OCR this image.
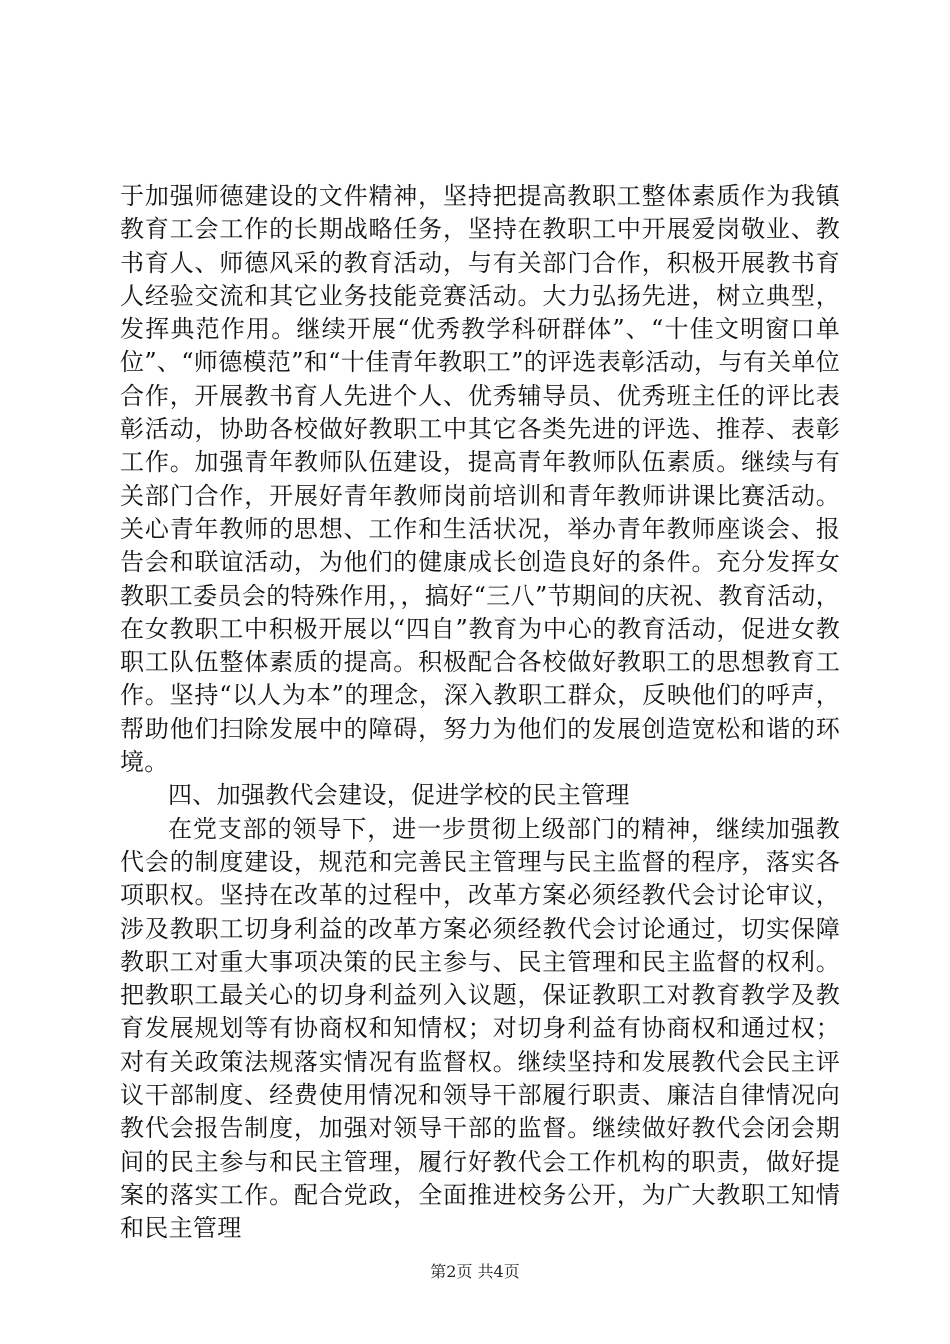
于加强师德建设的文件精神，坚持把提高教职工整体素质作为我镇教育工会工作的长期战略任务，坚持在教职工中开展爱岗敬业、教书育人、师德风采的教育活动，与有关部门合作，积极开展教书育人经验交流和其它业务技能竞赛活动。大力弘扬先进，树立典型，发挥典范作用。继续开展“优秀教学科研群体”、“十佳文明窗口单位”、“师德模范”和“十佳青年教职工”的评选表彰活动，与有关单位合作，开展教书育人先进个人、优秀辅导员、优秀班主任的评比表彰活动，协助各校做好教职工中其它各类先进的评选、推荐、表彰工作。加强青年教师队伍建设，提高青年教师队伍素质。继续与有关部门合作，开展好青年教师岗前培训和青年教师讲课比赛活动。关心青年教师的思想、工作和生活状况，举办青年教师座谈会、报告会和联谊活动，为他们的健康成长创造良好的条件。充分发挥女教职工委员会的特殊作用，，搞好“三八”节期间的庆祝、教育活动，在女教职工中积极开展以“四自”教育为中心的教育活动，促进女教职工队伍整体素质的提高。积极配合各校做好教职工的思想教育工作。坚持“以人为本”的理念，深入教职工群众，反映他们的呼声，帮助他们扫除发展中的障碍，努力为他们的发展创造宽松和谐的环境。

四、加强教代会建设，促进学校的民主管理

在党支部的领导下，进一步贯彻上级部门的精神，继续加强教代会的制度建设，规范和完善民主管理与民主监督的程序，落实各项职权。坚持在改革的过程中，改革方案必须经教代会讨论审议，涉及教职工切身利益的改革方案必须经教代会讨论通过，切实保障教职工对重大事项决策的民主参与、民主管理和民主监督的权利。把教职工最关心的切身利益列入议题，保证教职工对教育教学及教育发展规划等有协商权和知情权；对切身利益有协商权和通过权；对有关政策法规落实情况有监督权。继续坚持和发展教代会民主评议干部制度、经费使用情况和领导干部履行职责、廉洁自律情况向教代会报告制度，加强对领导干部的监督。继续做好教代会闭会期间的民主参与和民主管理，履行好教代会工作机构的职责，做好提案的落实工作。配合党政，全面推进校务公开，为广大教职工知情和民主管理

第2页 共4页
